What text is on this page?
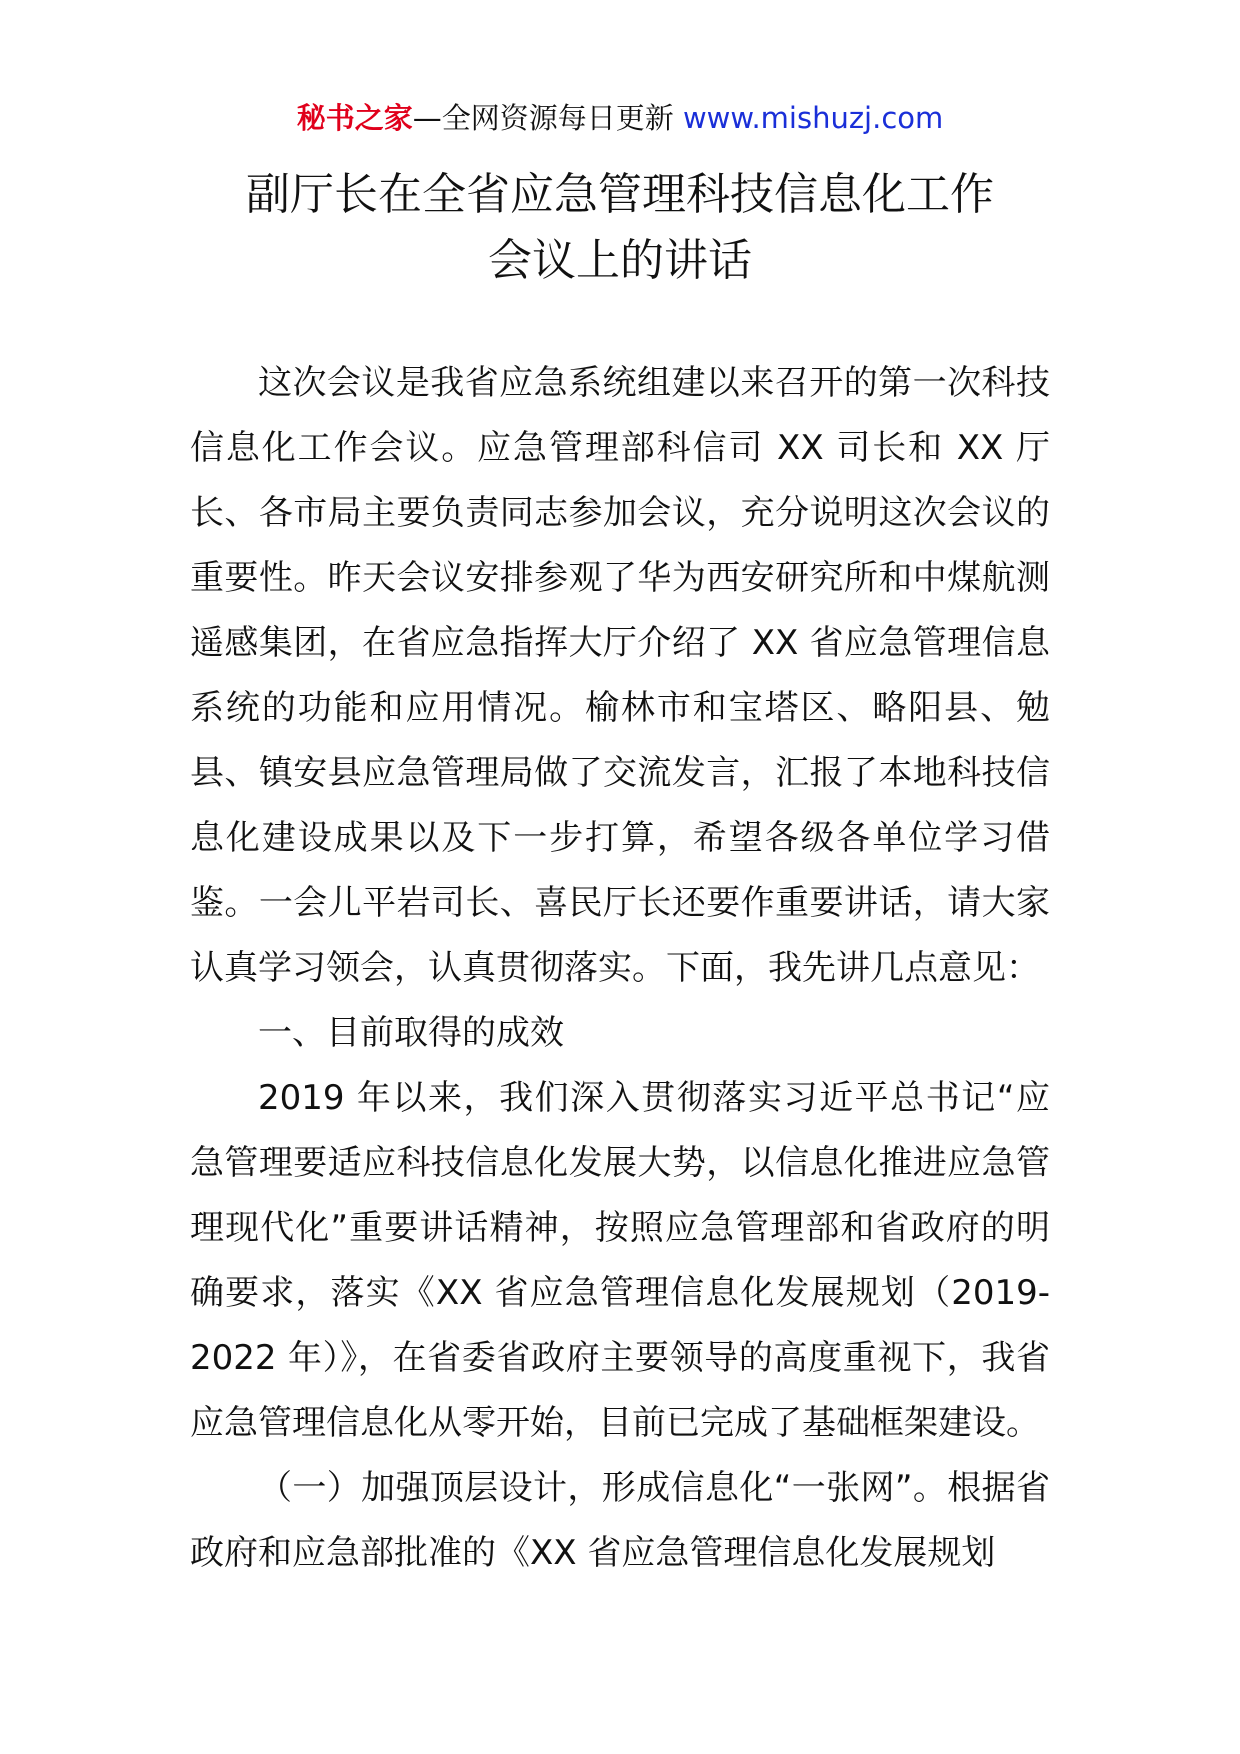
秘书之家—全网资源每日更新 www.mishuzj.com
副厅长在全省应急管理科技信息化工作
会议上的讲话

这次会议是我省应急系统组建以来召开的第一次科技信息化工作会议。应急管理部科信司 XX 司长和 XX 厅长、各市局主要负责同志参加会议，充分说明这次会议的重要性。昨天会议安排参观了华为西安研究所和中煤航测遥感集团，在省应急指挥大厅介绍了 XX 省应急管理信息系统的功能和应用情况。榆林市和宝塔区、略阳县、勉县、镇安县应急管理局做了交流发言，汇报了本地科技信息化建设成果以及下一步打算，希望各级各单位学习借鉴。一会儿平岩司长、喜民厅长还要作重要讲话，请大家认真学习领会，认真贯彻落实。下面，我先讲几点意见：

一、目前取得的成效

2019 年以来，我们深入贯彻落实习近平总书记“应急管理要适应科技信息化发展大势，以信息化推进应急管理现代化”重要讲话精神，按照应急管理部和省政府的明确要求，落实《XX 省应急管理信息化发展规划（2019-2022 年）》，在省委省政府主要领导的高度重视下，我省应急管理信息化从零开始，目前已完成了基础框架建设。

（一）加强顶层设计，形成信息化“一张网”。根据省政府和应急部批准的《XX 省应急管理信息化发展规划
